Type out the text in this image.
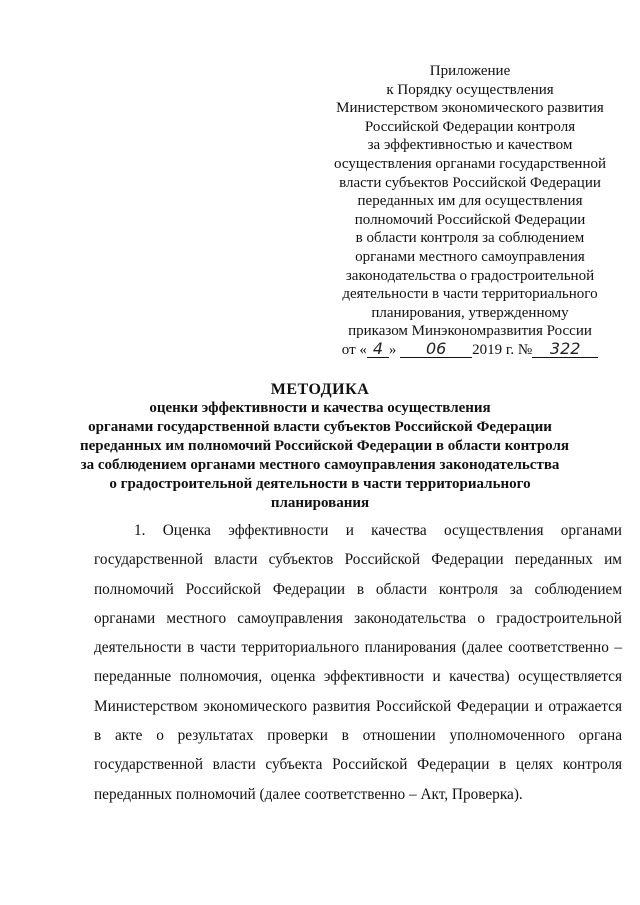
Приложение
к Порядку осуществления
Министерством экономического развития
Российской Федерации контроля
за эффективностью и качеством
осуществления органами государственной
власти субъектов Российской Федерации
переданных им для осуществления
полномочий Российской Федерации
в области контроля за соблюдением
органами местного самоуправления
законодательства о градостроительной
деятельности в части территориального
планирования, утвержденному
приказом Минэкономразвития России
от « 4 » 06 2019 г. № 322
МЕТОДИКА
оценки эффективности и качества осуществления
органами государственной власти субъектов Российской Федерации
переданных им полномочий Российской Федерации в области контроля
за соблюдением органами местного самоуправления законодательства
о градостроительной деятельности в части территориального
планирования

1. Оценка эффективности и качества осуществления органами государственной власти субъектов Российской Федерации переданных им полномочий Российской Федерации в области контроля за соблюдением органами местного самоуправления законодательства о градостроительной деятельности в части территориального планирования (далее соответственно – переданные полномочия, оценка эффективности и качества) осуществляется Министерством экономического развития Российской Федерации и отражается в акте о результатах проверки в отношении уполномоченного органа государственной власти субъекта Российской Федерации в целях контроля переданных полномочий (далее соответственно – Акт, Проверка).
